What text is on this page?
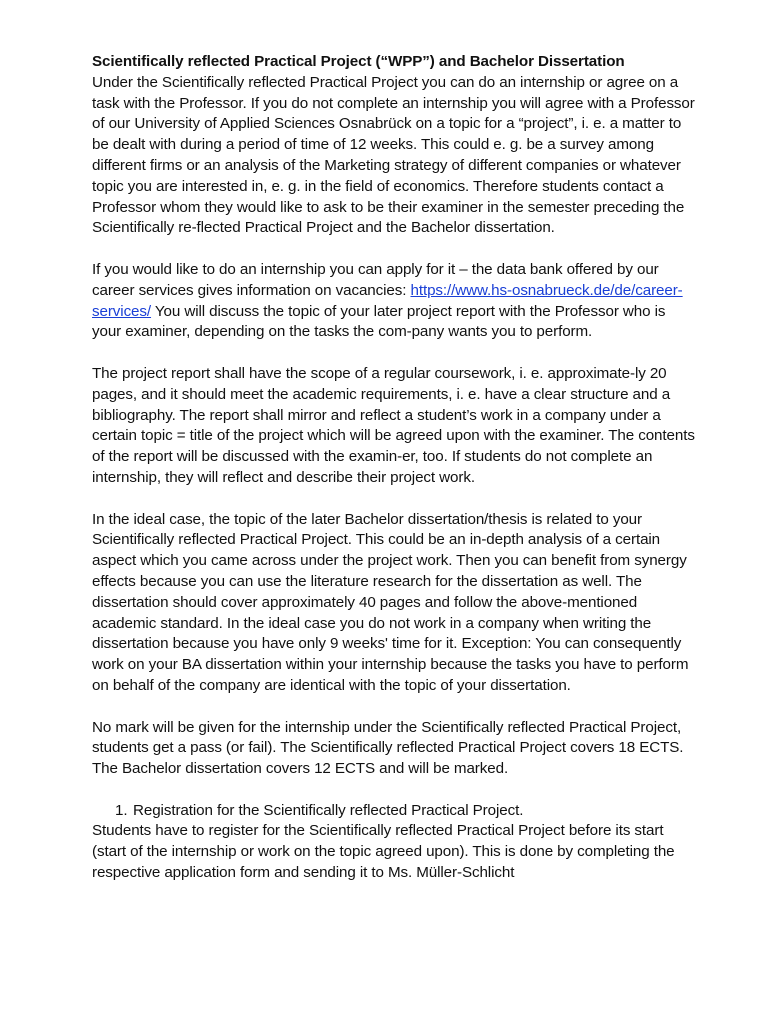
Scientifically reflected Practical Project (“WPP”) and Bachelor Dissertation

Under the Scientifically reflected Practical Project you can do an internship or agree on a task with the Professor. If you do not complete an internship you will agree with a Professor of our University of Applied Sciences Osnabrück on a topic for a “project”, i. e. a matter to be dealt with during a period of time of 12 weeks. This could e. g. be a survey among different firms or an analysis of the Marketing strategy of different companies or whatever topic you are interested in, e. g. in the field of economics. Therefore students contact a Professor whom they would like to ask to be their examiner in the semester preceding the Scientifically re-flected Practical Project and the Bachelor dissertation.

If you would like to do an internship you can apply for it – the data bank offered by our career services gives information on vacancies: https://www.hs-osnabrueck.de/de/career-services/ You will discuss the topic of your later project report with the Professor who is your examiner, depending on the tasks the com-pany wants you to perform.

The project report shall have the scope of a regular coursework, i. e. approximate-ly 20 pages, and it should meet the academic requirements, i. e. have a clear structure and a bibliography. The report shall mirror and reflect a student’s work in a company under a certain topic = title of the project which will be agreed upon with the examiner. The contents of the report will be discussed with the examin-er, too. If students do not complete an internship, they will reflect and describe their project work.

In the ideal case, the topic of the later Bachelor dissertation/thesis is related to your Scientifically reflected Practical Project. This could be an in-depth analysis of a certain aspect which you came across under the project work. Then you can benefit from synergy effects because you can use the literature research for the dissertation as well. The dissertation should cover approximately 40 pages and follow the above-mentioned academic standard. In the ideal case you do not work in a company when writing the dissertation because you have only 9 weeks' time for it. Exception: You can consequently work on your BA dissertation within your internship because the tasks you have to perform on behalf of the company are identical with the topic of your dissertation.

No mark will be given for the internship under the Scientifically reflected Practical Project, students get a pass (or fail). The Scientifically reflected Practical Project covers 18 ECTS. The Bachelor dissertation covers 12 ECTS and will be marked.

1. Registration for the Scientifically reflected Practical Project.

Students have to register for the Scientifically reflected Practical Project before its start (start of the internship or work on the topic agreed upon). This is done by completing the respective application form and sending it to Ms. Müller-Schlicht
